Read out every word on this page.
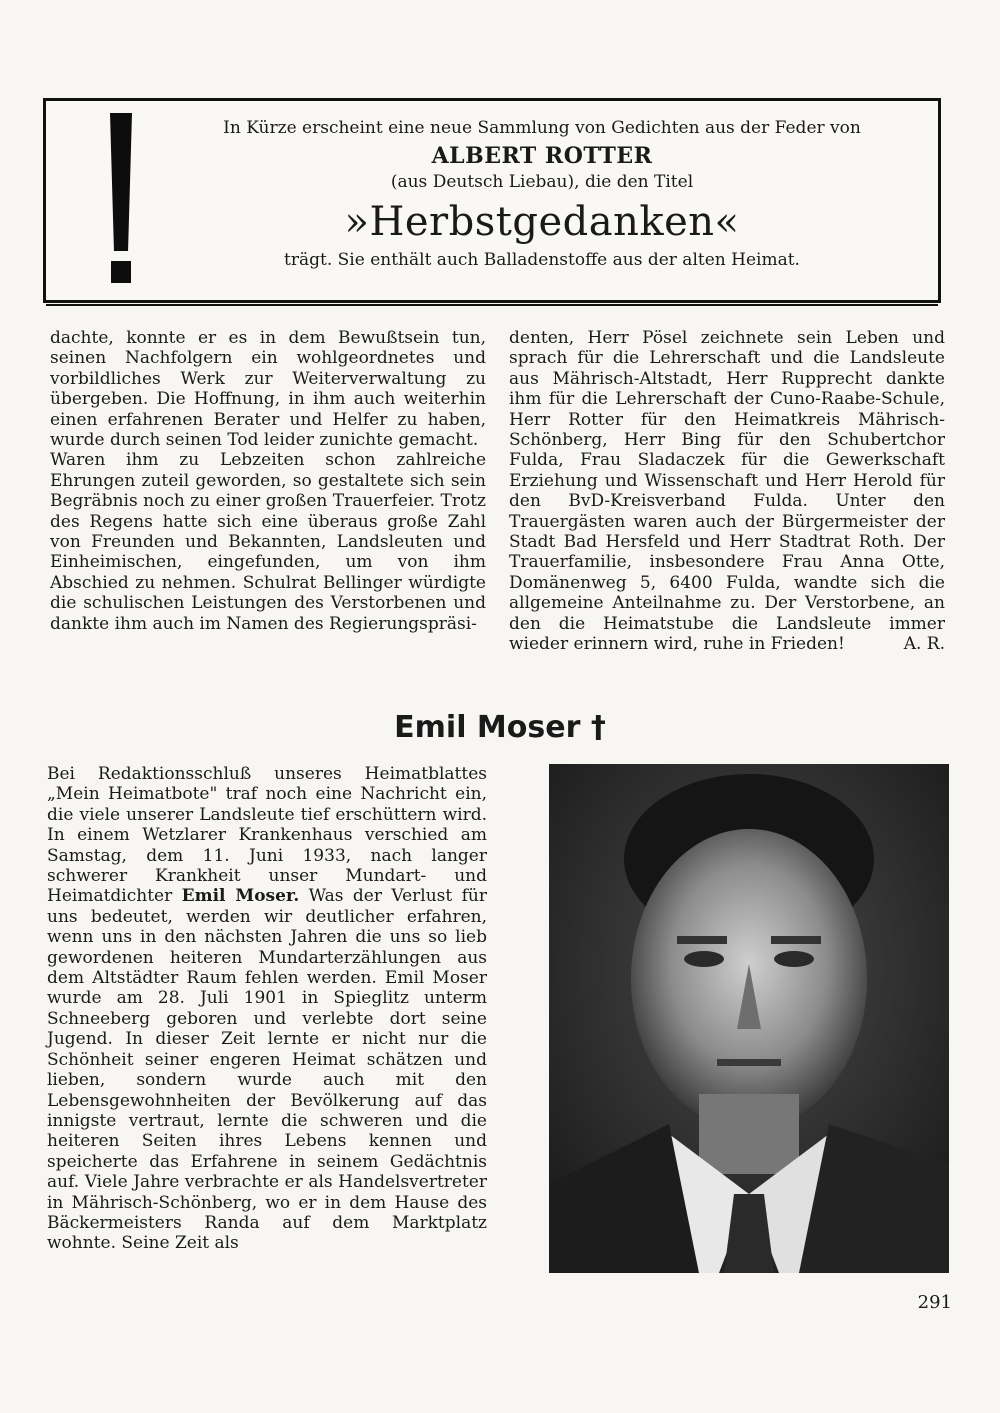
In Kürze erscheint eine neue Sammlung von Gedichten aus der Feder von
ALBERT ROTTER
(aus Deutsch Liebau), die den Titel
»Herbstgedanken«
trägt. Sie enthält auch Balladenstoffe aus der alten Heimat.

dachte, konnte er es in dem Bewußtsein tun, seinen Nachfolgern ein wohlgeordnetes und vorbildliches Werk zur Weiterverwaltung zu übergeben. Die Hoffnung, in ihm auch weiterhin einen erfahrenen Berater und Helfer zu haben, wurde durch seinen Tod leider zunichte gemacht.

Waren ihm zu Lebzeiten schon zahlreiche Ehrungen zuteil geworden, so gestaltete sich sein Begräbnis noch zu einer großen Trauerfeier. Trotz des Regens hatte sich eine überaus große Zahl von Freunden und Bekannten, Landsleuten und Einheimischen, eingefunden, um von ihm Abschied zu nehmen. Schulrat Bellinger würdigte die schulischen Leistungen des Verstorbenen und dankte ihm auch im Namen des Regierungspräsi-

denten, Herr Pösel zeichnete sein Leben und sprach für die Lehrerschaft und die Landsleute aus Mährisch-Altstadt, Herr Rupprecht dankte ihm für die Lehrerschaft der Cuno-Raabe-Schule, Herr Rotter für den Heimatkreis Mährisch-Schönberg, Herr Bing für den Schubertchor Fulda, Frau Sladaczek für die Gewerkschaft Erziehung und Wissenschaft und Herr Herold für den BvD-Kreisverband Fulda. Unter den Trauergästen waren auch der Bürgermeister der Stadt Bad Hersfeld und Herr Stadtrat Roth. Der Trauerfamilie, insbesondere Frau Anna Otte, Domänenweg 5, 6400 Fulda, wandte sich die allgemeine Anteilnahme zu. Der Verstorbene, an den die Heimatstube die Landsleute immer wieder erinnern wird, ruhe in Frieden!	A. R.
Emil Moser †

Bei Redaktionsschluß unseres Heimatblattes „Mein Heimatbote" traf noch eine Nachricht ein, die viele unserer Landsleute tief erschüttern wird. In einem Wetzlarer Krankenhaus verschied am Samstag, dem 11. Juni 1933, nach langer schwerer Krankheit unser Mundart- und Heimatdichter Emil Moser. Was der Verlust für uns bedeutet, werden wir deutlicher erfahren, wenn uns in den nächsten Jahren die uns so lieb gewordenen heiteren Mundarterzählungen aus dem Altstädter Raum fehlen werden. Emil Moser wurde am 28. Juli 1901 in Spieglitz unterm Schneeberg geboren und verlebte dort seine Jugend. In dieser Zeit lernte er nicht nur die Schönheit seiner engeren Heimat schätzen und lieben, sondern wurde auch mit den Lebensgewohnheiten der Bevölkerung auf das innigste vertraut, lernte die schweren und die heiteren Seiten ihres Lebens kennen und speicherte das Erfahrene in seinem Gedächtnis auf. Viele Jahre verbrachte er als Handelsvertreter in Mährisch-Schönberg, wo er in dem Hause des Bäckermeisters Randa auf dem Marktplatz wohnte. Seine Zeit als

291
